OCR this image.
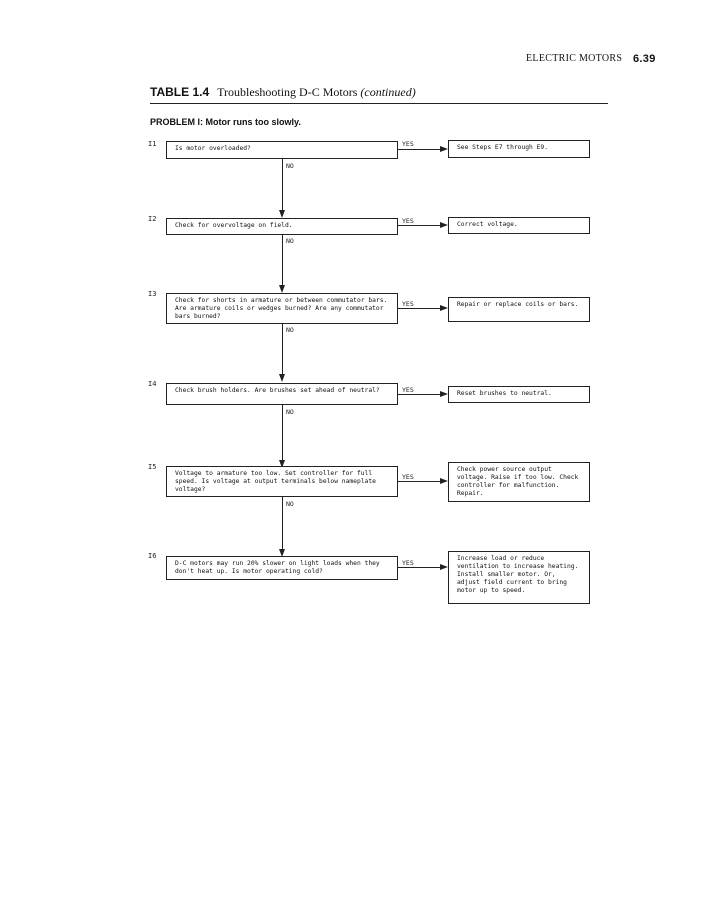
ELECTRIC MOTORS 6.39
TABLE 1.4 Troubleshooting D-C Motors (continued)
PROBLEM I: Motor runs too slowly.
I1
Is motor overloaded?
YES	See Steps E7 through E9.
NO
I2
Check for overvoltage on field.
YES	Correct voltage.
NO
I3
Check for shorts in armature or between commutator bars. Are armature coils or wedges burned? Are any commutator bars burned?
YES	Repair or replace coils or bars.
NO
I4
Check brush holders. Are brushes set ahead of neutral?	YES	Reset brushes to neutral.
NO
I5
Voltage to armature too low. Set controller for full speed. Is voltage at output terminals below nameplate voltage?
YES
Check power source output voltage. Raise if too low. Check controller for malfunction. Repair.
NO
I6
D-C motors may run 20% slower on light loads when they don't heat up. Is motor operating cold?
YES
Increase load or reduce ventilation to increase heating. Install smaller motor. Or, adjust field current to bring motor up to speed.
